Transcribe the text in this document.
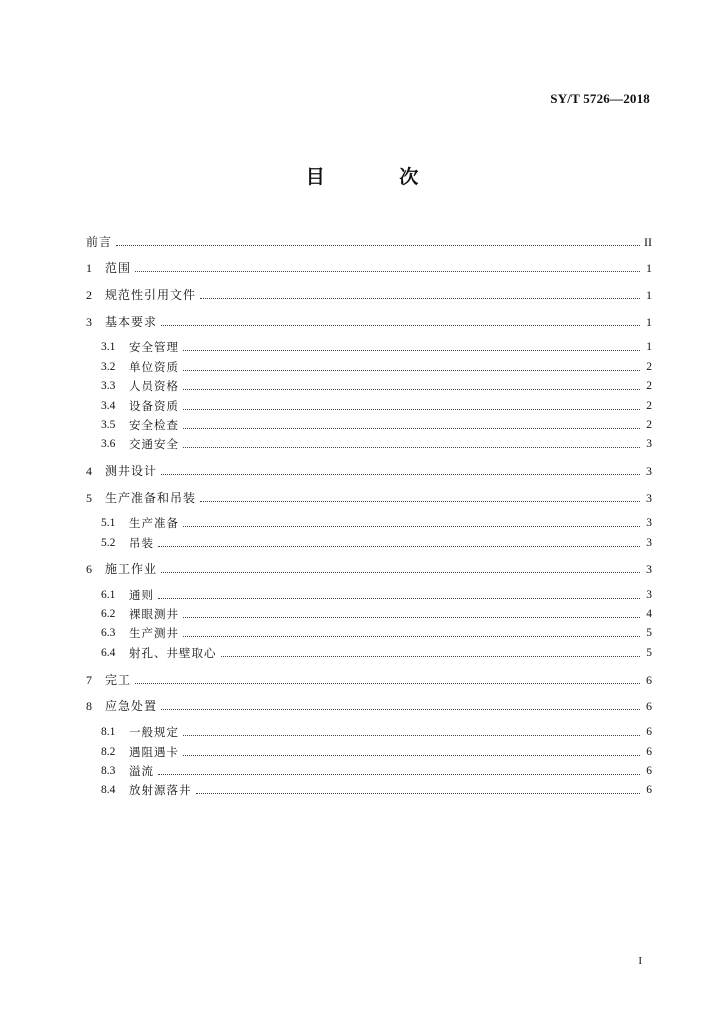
SY/T 5726—2018
目 次
前言	II
1	范围	1
2	规范性引用文件	1
3	基本要求	1
3.1	安全管理	1
3.2	单位资质	2
3.3	人员资格	2
3.4	设备资质	2
3.5	安全检查	2
3.6	交通安全	3
4	测井设计	3
5	生产准备和吊装	3
5.1	生产准备	3
5.2	吊装	3
6	施工作业	3
6.1	通则	3
6.2	裸眼测井	4
6.3	生产测井	5
6.4	射孔、井壁取心	5
7	完工	6
8	应急处置	6
8.1	一般规定	6
8.2	遇阻遇卡	6
8.3	溢流	6
8.4	放射源落井	6
I
